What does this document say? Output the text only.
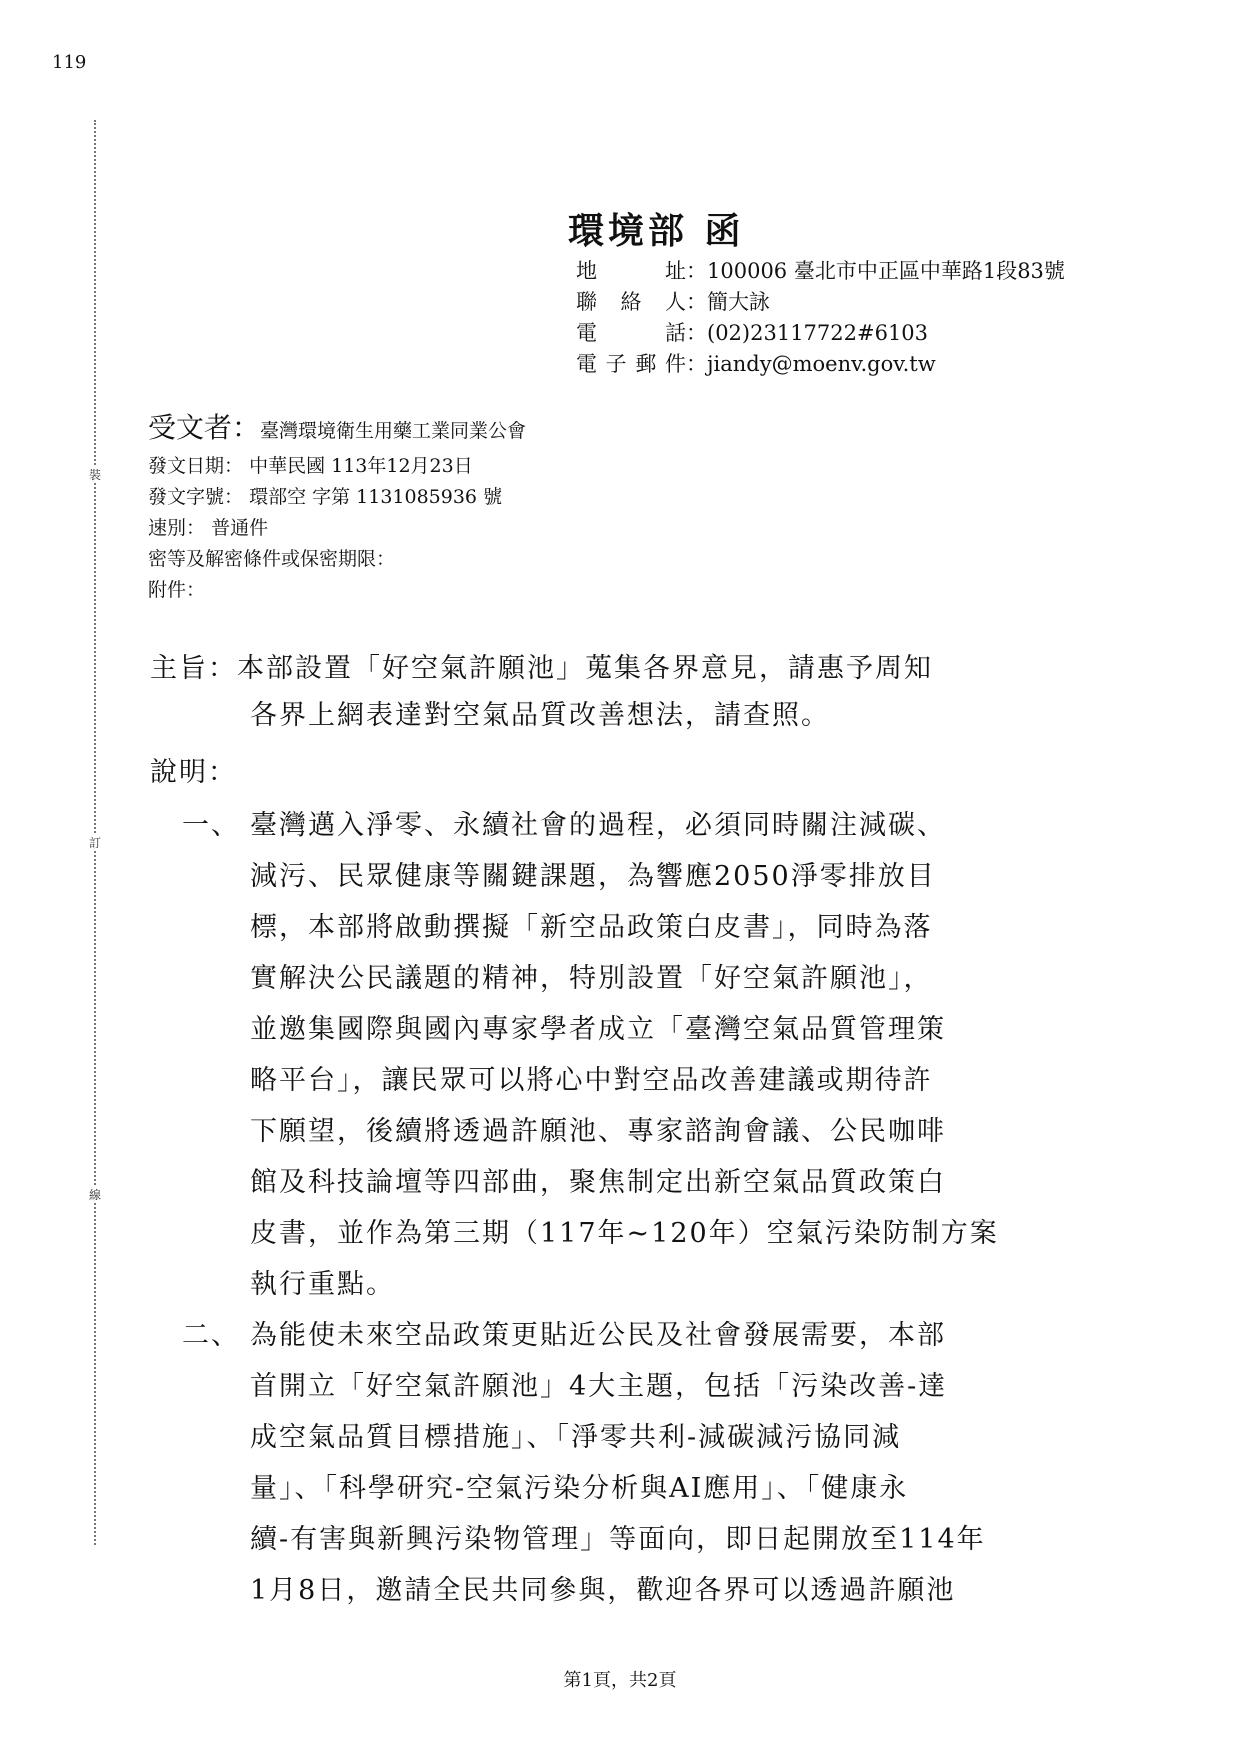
119
裝
訂
線
環境部 函
地 址：100006 臺北市中正區中華路1段83號
聯 絡 人：簡大詠
電 話：(02)23117722#6103
電子郵件：jiandy@moenv.gov.tw
受文者：臺灣環境衛生用藥工業同業公會
發文日期： 中華民國 113年12月23日
發文字號： 環部空 字第 1131085936 號
速別： 普通件
密等及解密條件或保密期限：
附件：
主旨：本部設置「好空氣許願池」蒐集各界意見，請惠予周知
各界上網表達對空氣品質改善想法，請查照。
說明：
一、 臺灣邁入淨零、永續社會的過程，必須同時關注減碳、
減污、民眾健康等關鍵課題，為響應2050淨零排放目
標，本部將啟動撰擬「新空品政策白皮書」，同時為落
實解決公民議題的精神，特別設置「好空氣許願池」，
並邀集國際與國內專家學者成立「臺灣空氣品質管理策
略平台」，讓民眾可以將心中對空品改善建議或期待許
下願望，後續將透過許願池、專家諮詢會議、公民咖啡
館及科技論壇等四部曲，聚焦制定出新空氣品質政策白
皮書，並作為第三期（117年~120年）空氣污染防制方案
執行重點。
二、 為能使未來空品政策更貼近公民及社會發展需要，本部
首開立「好空氣許願池」4大主題，包括「污染改善-達
成空氣品質目標措施」、「淨零共利-減碳減污協同減
量」、「科學研究-空氣污染分析與AI應用」、「健康永
續-有害與新興污染物管理」等面向，即日起開放至114年
1月8日，邀請全民共同參與，歡迎各界可以透過許願池
第1頁，共2頁
